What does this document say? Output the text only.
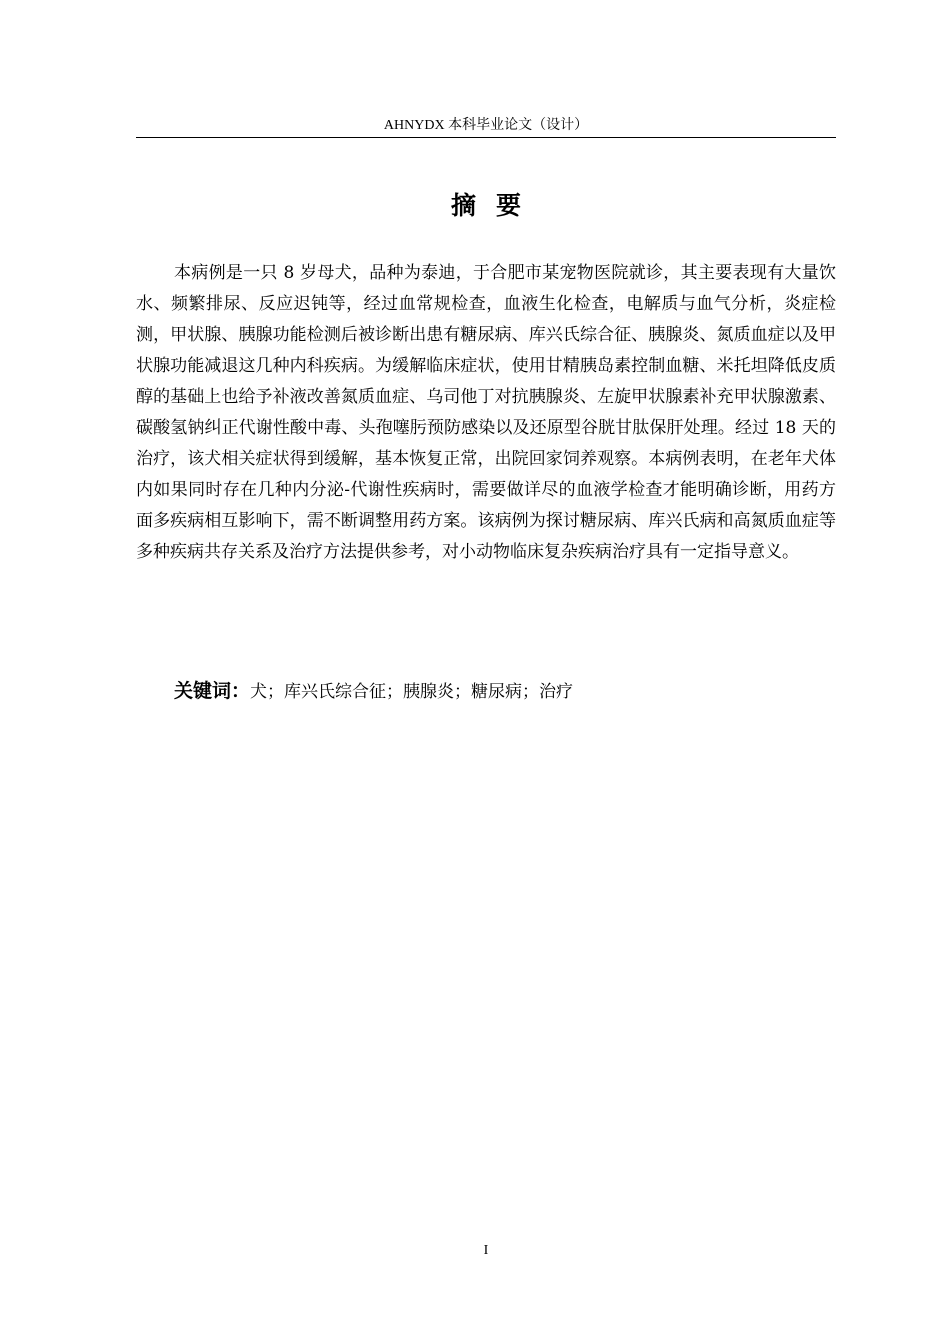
AHNYDX 本科毕业论文（设计）
摘要

本病例是一只 8 岁母犬，品种为泰迪，于合肥市某宠物医院就诊，其主要表现有大量饮水、频繁排尿、反应迟钝等，经过血常规检查，血液生化检查，电解质与血气分析，炎症检测，甲状腺、胰腺功能检测后被诊断出患有糖尿病、库兴氏综合征、胰腺炎、氮质血症以及甲状腺功能减退这几种内科疾病。为缓解临床症状，使用甘精胰岛素控制血糖、米托坦降低皮质醇的基础上也给予补液改善氮质血症、乌司他丁对抗胰腺炎、左旋甲状腺素补充甲状腺激素、碳酸氢钠纠正代谢性酸中毒、头孢噻肟预防感染以及还原型谷胱甘肽保肝处理。经过 18 天的治疗，该犬相关症状得到缓解，基本恢复正常，出院回家饲养观察。本病例表明，在老年犬体内如果同时存在几种内分泌-代谢性疾病时，需要做详尽的血液学检查才能明确诊断，用药方面多疾病相互影响下，需不断调整用药方案。该病例为探讨糖尿病、库兴氏病和高氮质血症等多种疾病共存关系及治疗方法提供参考，对小动物临床复杂疾病治疗具有一定指导意义。

关键词：犬；库兴氏综合征；胰腺炎；糖尿病；治疗

I
